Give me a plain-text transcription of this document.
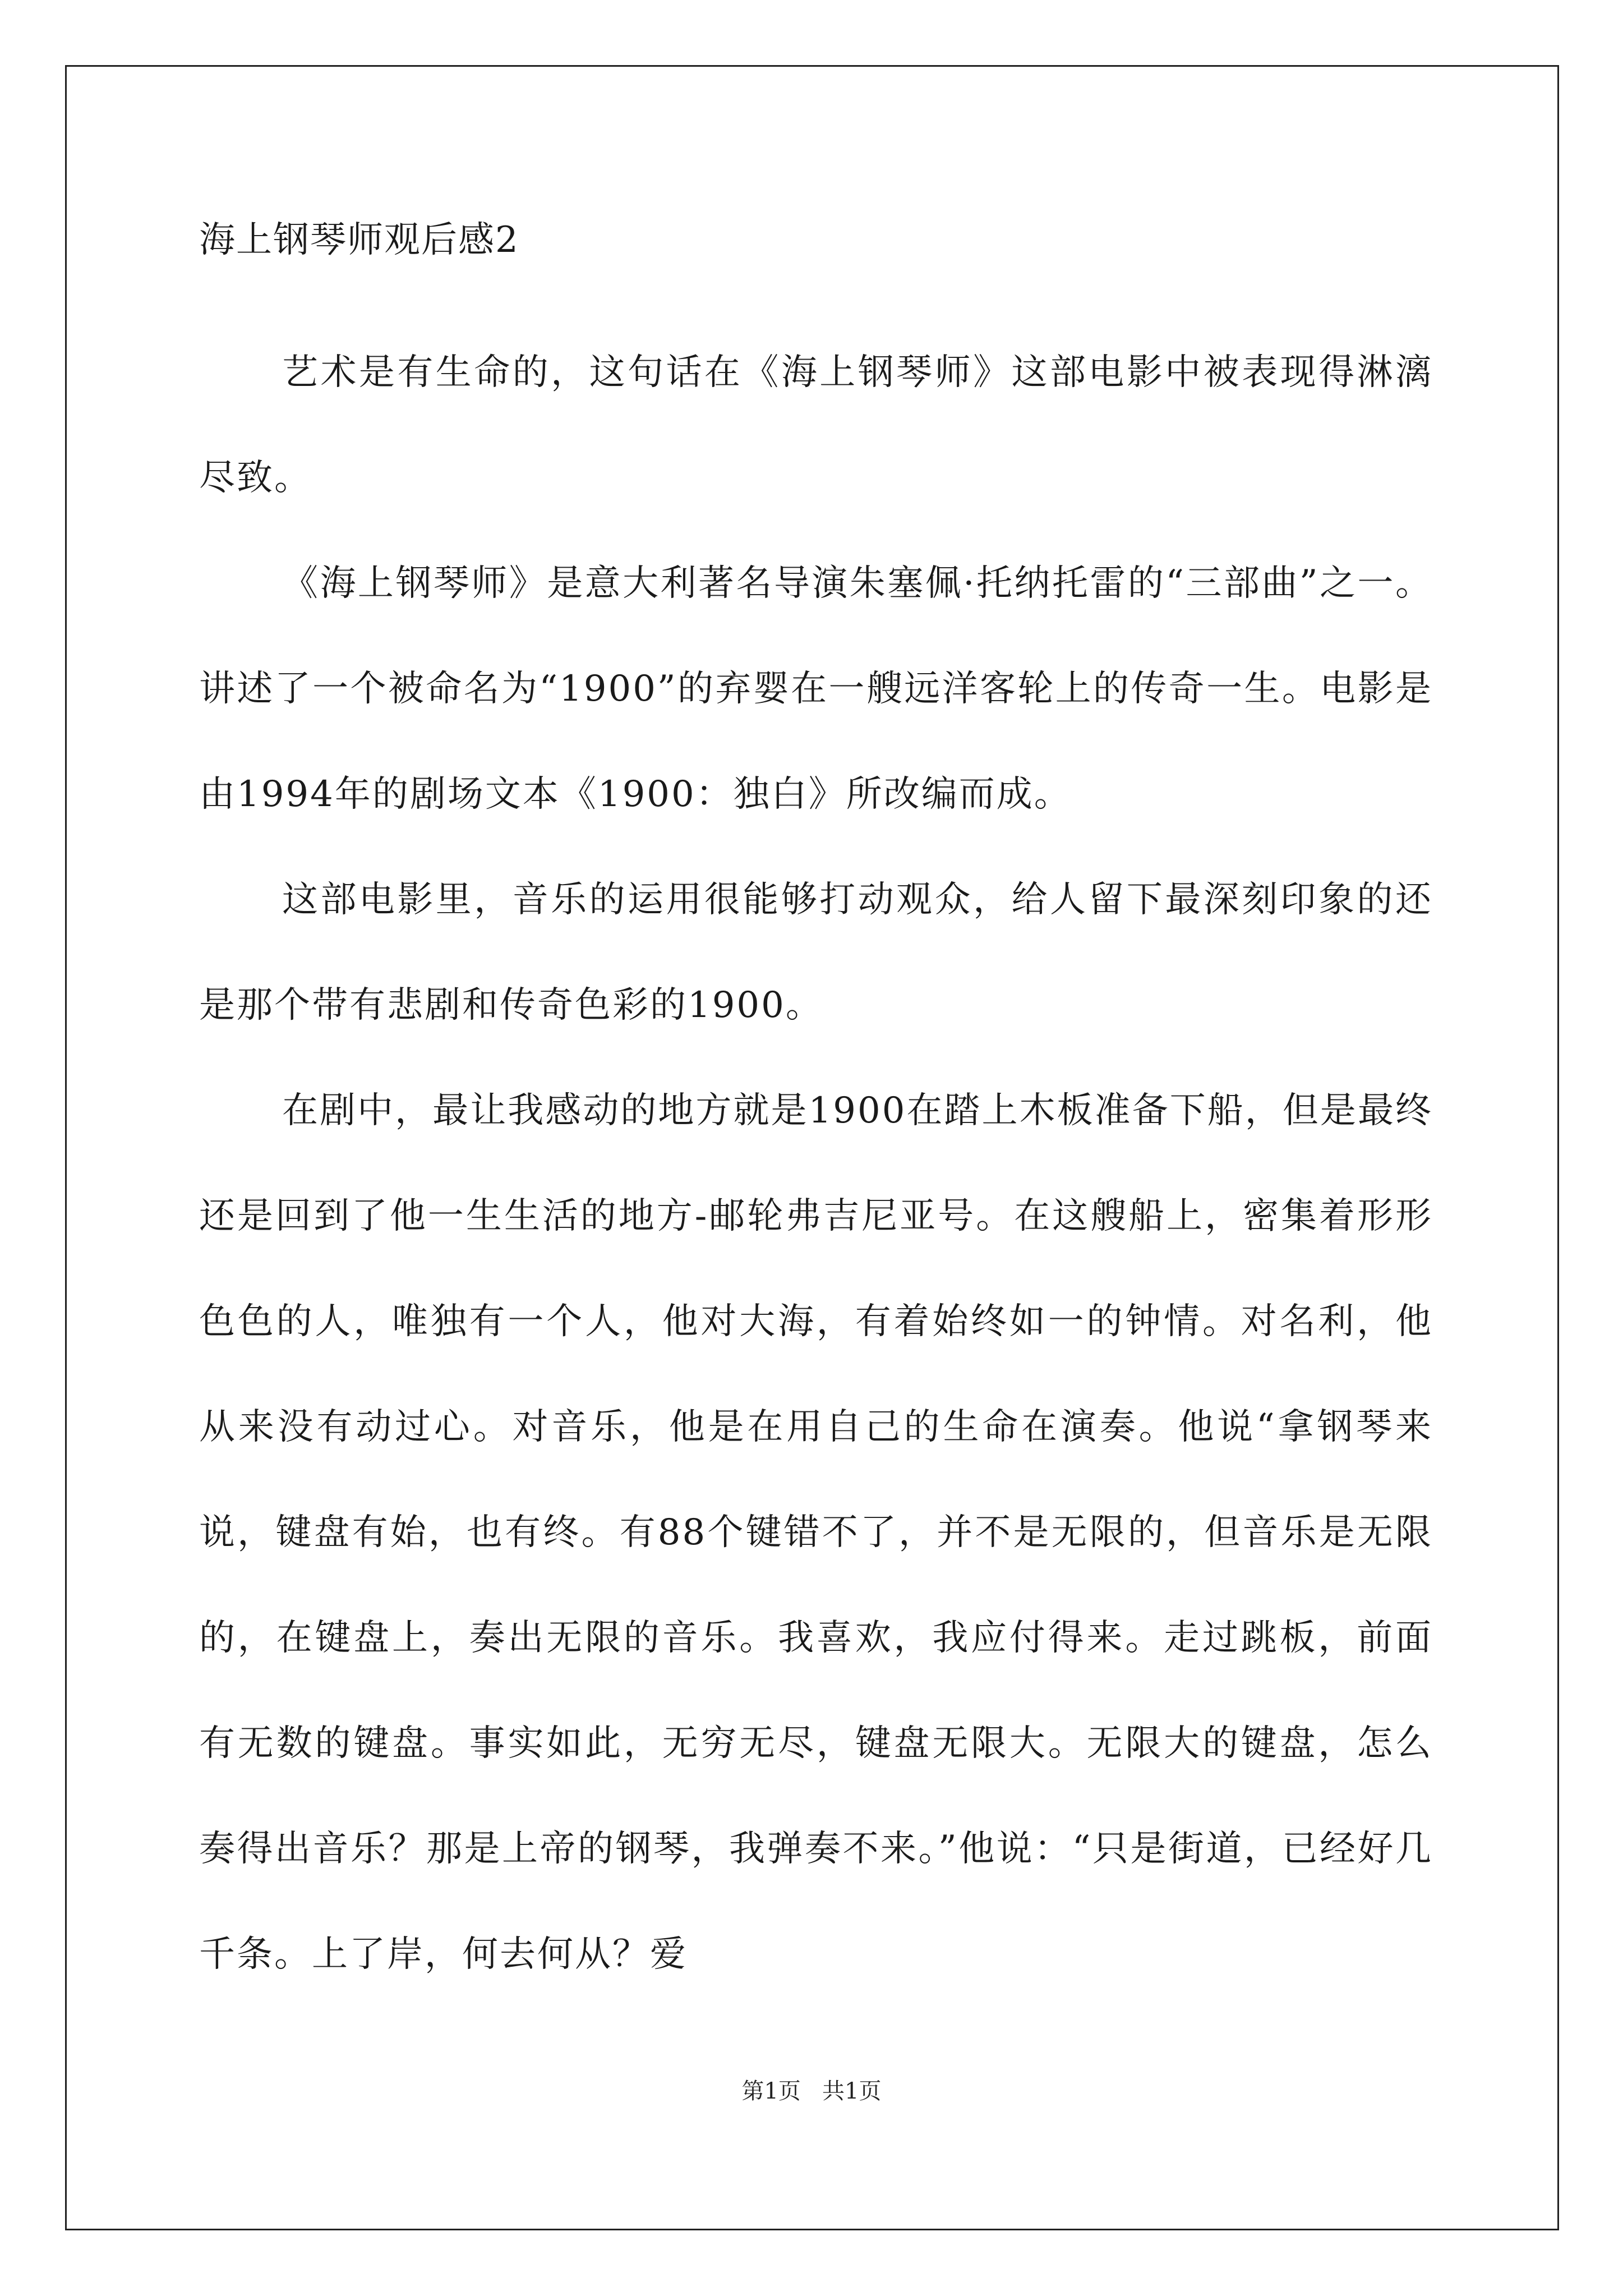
海上钢琴师观后感2

艺术是有生命的，这句话在《海上钢琴师》这部电影中被表现得淋漓尽致。

《海上钢琴师》是意大利著名导演朱塞佩·托纳托雷的“三部曲”之一。讲述了一个被命名为“1900”的弃婴在一艘远洋客轮上的传奇一生。电影是由1994年的剧场文本《1900：独白》所改编而成。

这部电影里，音乐的运用很能够打动观众，给人留下最深刻印象的还是那个带有悲剧和传奇色彩的1900。

在剧中，最让我感动的地方就是1900在踏上木板准备下船，但是最终还是回到了他一生生活的地方-邮轮弗吉尼亚号。在这艘船上，密集着形形色色的人，唯独有一个人，他对大海，有着始终如一的钟情。对名利，他从来没有动过心。对音乐，他是在用自己的生命在演奏。他说“拿钢琴来说，键盘有始，也有终。有88个键错不了，并不是无限的，但音乐是无限的，在键盘上，奏出无限的音乐。我喜欢，我应付得来。走过跳板，前面有无数的键盘。事实如此，无穷无尽，键盘无限大。无限大的键盘，怎么奏得出音乐？那是上帝的钢琴，我弹奏不来。”他说：“只是街道，已经好几千条。上了岸，何去何从？爱

第1页   共1页
